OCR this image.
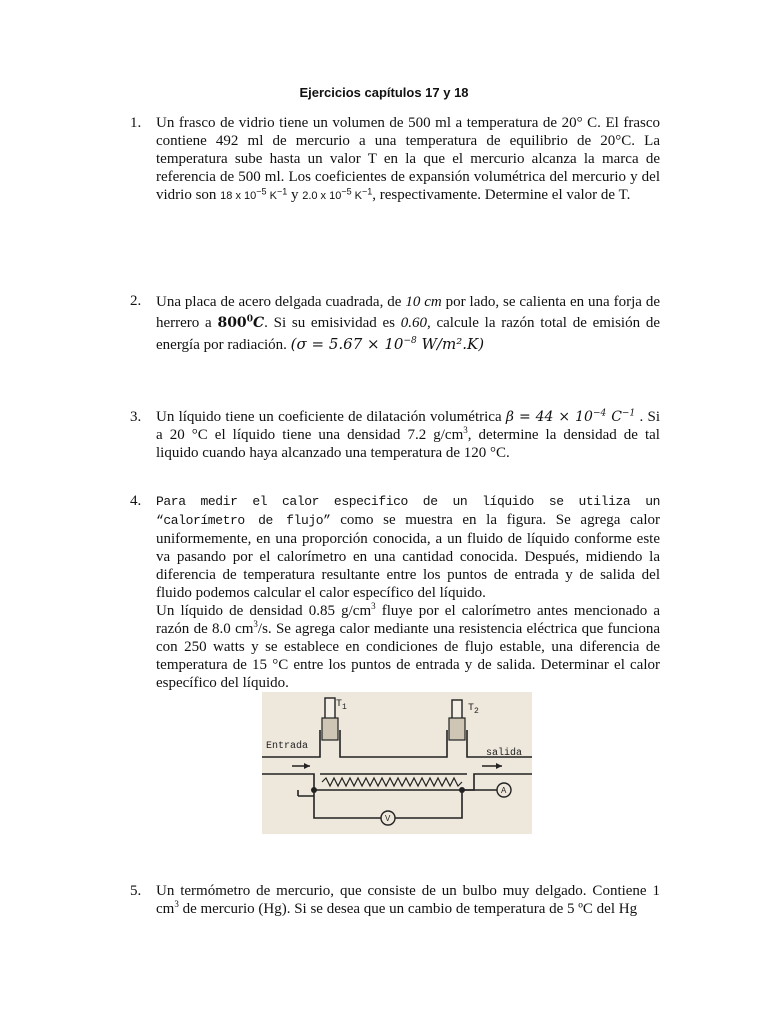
Ejercicios capítulos 17 y 18
1. Un frasco de vidrio tiene un volumen de 500 ml a temperatura de 20° C. El frasco contiene 492 ml de mercurio a una temperatura de equilibrio de 20°C. La temperatura sube hasta un valor T en la que el mercurio alcanza la marca de referencia de 500 ml. Los coeficientes de expansión volumétrica del mercurio y del vidrio son 18 x $10^{-5}$ $K^{-1}$ y 2.0 x $10^{-5}$ $K^{-1}$, respectivamente. Determine el valor de T.
2. Una placa de acero delgada cuadrada, de 10 cm por lado, se calienta en una forja de herrero a $800^0C$. Si su emisividad es 0.60, calcule la razón total de emisión de energía por radiación. ($\sigma = 5.67 \times 10^{-8}$ W/m².K)
3. Un líquido tiene un coeficiente de dilatación volumétrica $\beta = 44 \times 10^{-4}$ $C^{-1}$ . Si a 20 °C el líquido tiene una densidad 7.2 $g/cm^3$, determine la densidad de tal liquido cuando haya alcanzado una temperatura de 120 °C.
4.	Para medir el calor especifico de un líquido se utiliza un “calorímetro de flujo” como se muestra en la figura. Se agrega calor uniformemente, en una proporción conocida, a un fluido de líquido conforme este va pasando por el calorímetro en una cantidad conocida. Después, midiendo la diferencia de temperatura resultante entre los puntos de entrada y de salida del fluido podemos calcular el calor específico del líquido.

Un líquido de densidad 0.85 $g/cm^3$ fluye por el calorímetro antes mencionado a razón de 8.0 $cm^3/s$. Se agrega calor mediante una resistencia eléctrica que funciona con 250 watts y se establece en condiciones de flujo estable, una diferencia de temperatura de 15 °C entre los puntos de entrada y de salida. Determinar el calor específico del líquido.

$T_1$	$T_2$
Entrada
salida
A
V
5. Un termómetro de mercurio, que consiste de un bulbo muy delgado. Contiene 1 $cm^3$ de mercurio (Hg). Si se desea que un cambio de temperatura de 5 ºC del Hg
